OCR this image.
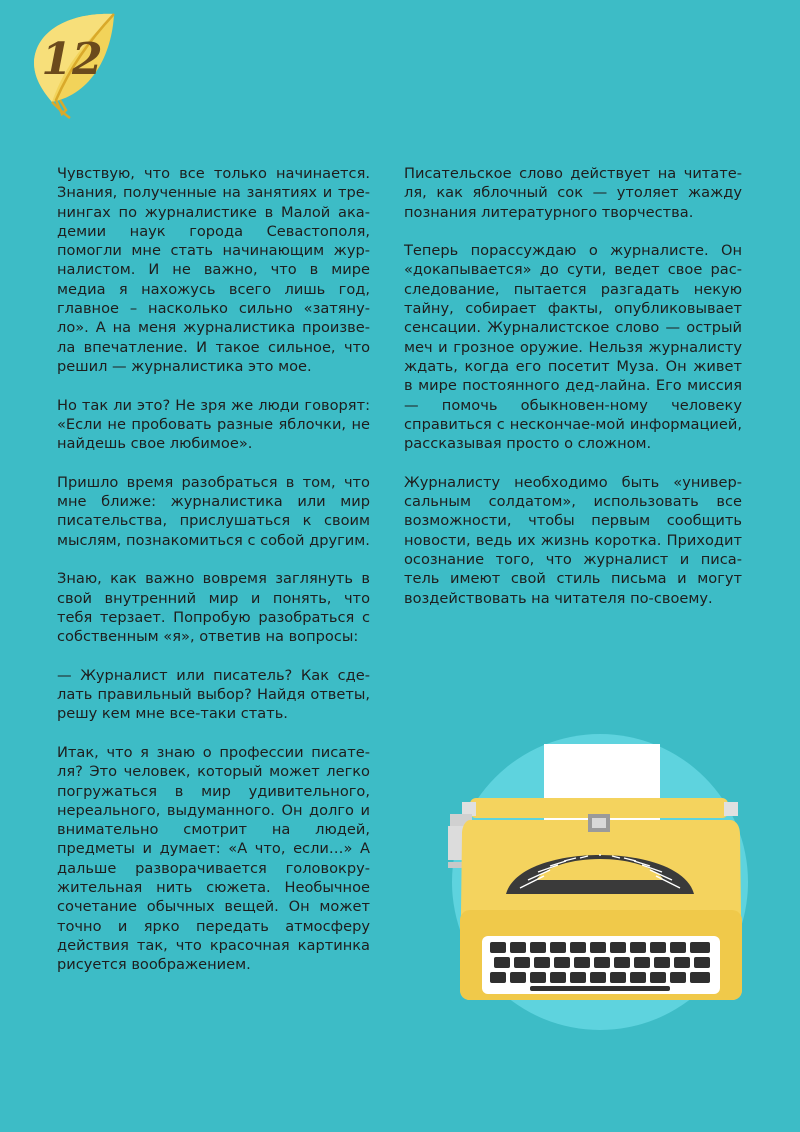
12

Чувствую, что все только начинается. Знания, полученные на занятиях и тре-нингах по журналистике в Малой ака-демии наук города Севастополя, помогли мне стать начинающим жур-налистом. И не важно, что в мире медиа я нахожусь всего лишь год, главное – насколько сильно «затяну-ло». А на меня журналистика произве-ла впечатление. И такое сильное, что решил — журналистика это мое.

Но так ли это? Не зря же люди говорят: «Если не пробовать разные яблочки, не найдешь свое любимое».

Пришло время разобраться в том, что мне ближе: журналистика или мир писательства, прислушаться к своим мыслям, познакомиться с собой другим.

Знаю, как важно вовремя заглянуть в свой внутренний мир и понять, что тебя терзает. Попробую разобраться с собственным «я», ответив на вопросы:

— Журналист или писатель? Как сде-лать правильный выбор? Найдя ответы, решу кем мне все-таки стать.

Итак, что я знаю о профессии писате-ля? Это человек, который может легко погружаться в мир удивительного, нереального, выдуманного. Он долго и внимательно смотрит на людей, предметы и думает: «А что, если…» А дальше разворачивается головокру-жительная нить сюжета. Необычное сочетание обычных вещей. Он может точно и ярко передать атмосферу действия так, что красочная картинка рисуется воображением.

Писательское слово действует на читате-ля, как яблочный сок — утоляет жажду познания литературного творчества.

Теперь порассуждаю о журналисте. Он «докапывается» до сути, ведет свое рас-следование, пытается разгадать некую тайну, собирает факты, опубликовывает сенсации. Журналистское слово — острый меч и грозное оружие. Нельзя журналисту ждать, когда его посетит Муза. Он живет в мире постоянного дед-лайна. Его миссия — помочь обыкновен-ному человеку справиться с нескончае-мой информацией, рассказывая просто о сложном.

Журналисту необходимо быть «универ-сальным солдатом», использовать все возможности, чтобы первым сообщить новости, ведь их жизнь коротка. Приходит осознание того, что журналист и писа-тель имеют свой стиль письма и могут воздействовать на читателя по-своему.
